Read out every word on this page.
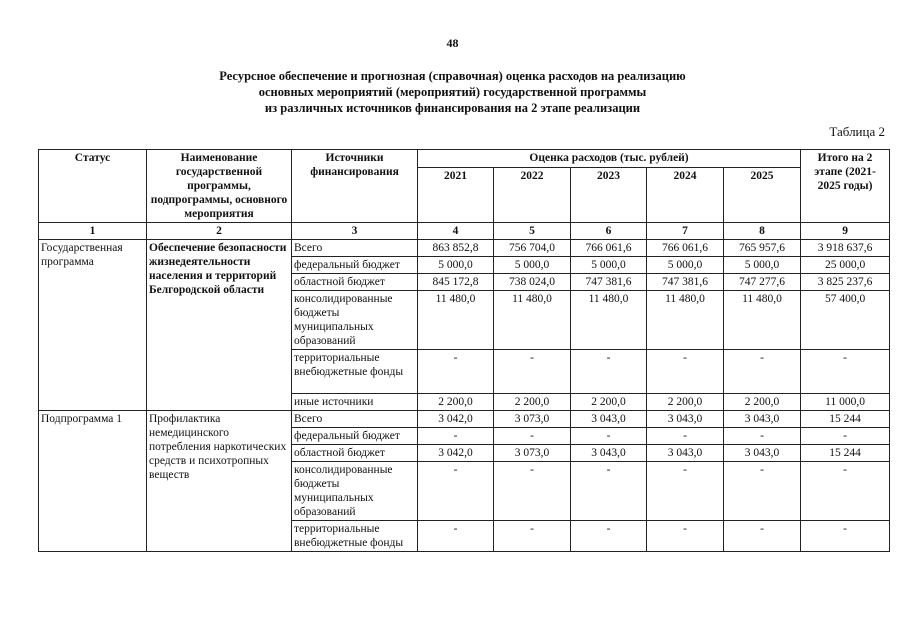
48
Ресурсное обеспечение и прогнозная (справочная) оценка расходов на реализацию
основных мероприятий (мероприятий) государственной программы
из различных источников финансирования на 2 этапе реализации
Таблица 2
Статус	Наименование государственной программы, подпрограммы, основного мероприятия	Источники финансирования	Оценка расходов (тыс. рублей)					Итого на 2 этапе (2021-2025 годы)
			2021	2022	2023	2024	2025	
1	2	3	4	5	6	7	8	9
Государственная программа	Обеспечение безопасности жизнедеятельности населения и территорий Белгородской области	Всего	863 852,8	756 704,0	766 061,6	766 061,6	765 957,6	3 918 637,6
		федеральный бюджет	5 000,0	5 000,0	5 000,0	5 000,0	5 000,0	25 000,0
		областной бюджет	845 172,8	738 024,0	747 381,6	747 381,6	747 277,6	3 825 237,6
		консолидированные бюджеты муниципальных образований	11 480,0	11 480,0	11 480,0	11 480,0	11 480,0	57 400,0
		территориальные внебюджетные фонды	-	-	-	-	-	-
		иные источники	2 200,0	2 200,0	2 200,0	2 200,0	2 200,0	11 000,0
Подпрограмма 1	Профилактика немедицинского потребления наркотических средств и психотропных веществ	Всего	3 042,0	3 073,0	3 043,0	3 043,0	3 043,0	15 244
		федеральный бюджет	-	-	-	-	-	-
		областной бюджет	3 042,0	3 073,0	3 043,0	3 043,0	3 043,0	15 244
		консолидированные бюджеты муниципальных образований	-	-	-	-	-	-
		территориальные внебюджетные фонды	-	-	-	-	-	-
